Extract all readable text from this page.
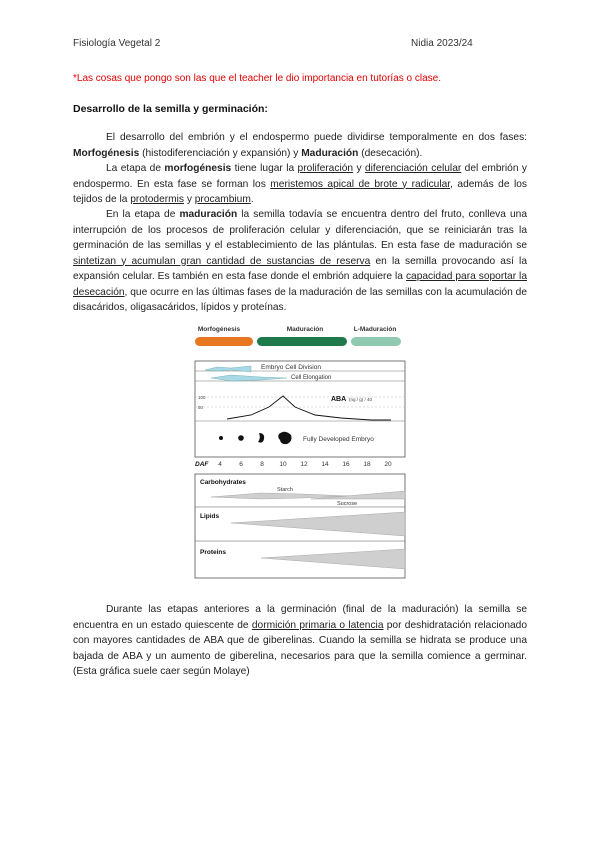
Fisiología Vegetal 2	Nidia 2023/24
*Las cosas que pongo son las que el teacher le dio importancia en tutorías o clase.
Desarrollo de la semilla y germinación:
El desarrollo del embrión y el endospermo puede dividirse temporalmente en dos fases: Morfogénesis (histodiferenciación y expansión) y Maduración (desecación).
La etapa de morfogénesis tiene lugar la proliferación y diferenciación celular del embrión y endospermo. En esta fase se forman los meristemos apical de brote y radicular, además de los tejidos de la protodermis y procambium.
En la etapa de maduración la semilla todavía se encuentra dentro del fruto, conlleva una interrupción de los procesos de proliferación celular y diferenciación, que se reiniciarán tras la germinación de las semillas y el establecimiento de las plántulas. En esta fase de maduración se sintetizan y acumulan gran cantidad de sustancias de reserva en la semilla provocando así la expansión celular. Es también en esta fase donde el embrión adquiere la capacidad para soportar la desecación, que ocurre en las últimas fases de la maduración de las semillas con la acumulación de disacáridos, oligasacáridos, lípidos y proteínas.
Morfogénesis	Maduración	L-Maduración
Embryo Cell Division
Cell Elongation
100
50
ABA (ng / g) / 40
Fully Developed Embryo
DAF 4	6	8 10 12 14 16 18 20
Carbohydrates
Starch
Sucrose
Lipids
Proteins
Durante las etapas anteriores a la germinación (final de la maduración) la semilla se encuentra en un estado quiescente de dormición primaria o latencia por deshidratación relacionado con mayores cantidades de ABA que de giberelinas. Cuando la semilla se hidrata se produce una bajada de ABA y un aumento de giberelina, necesarios para que la semilla comience a germinar. (Esta gráfica suele caer según Molaye)
